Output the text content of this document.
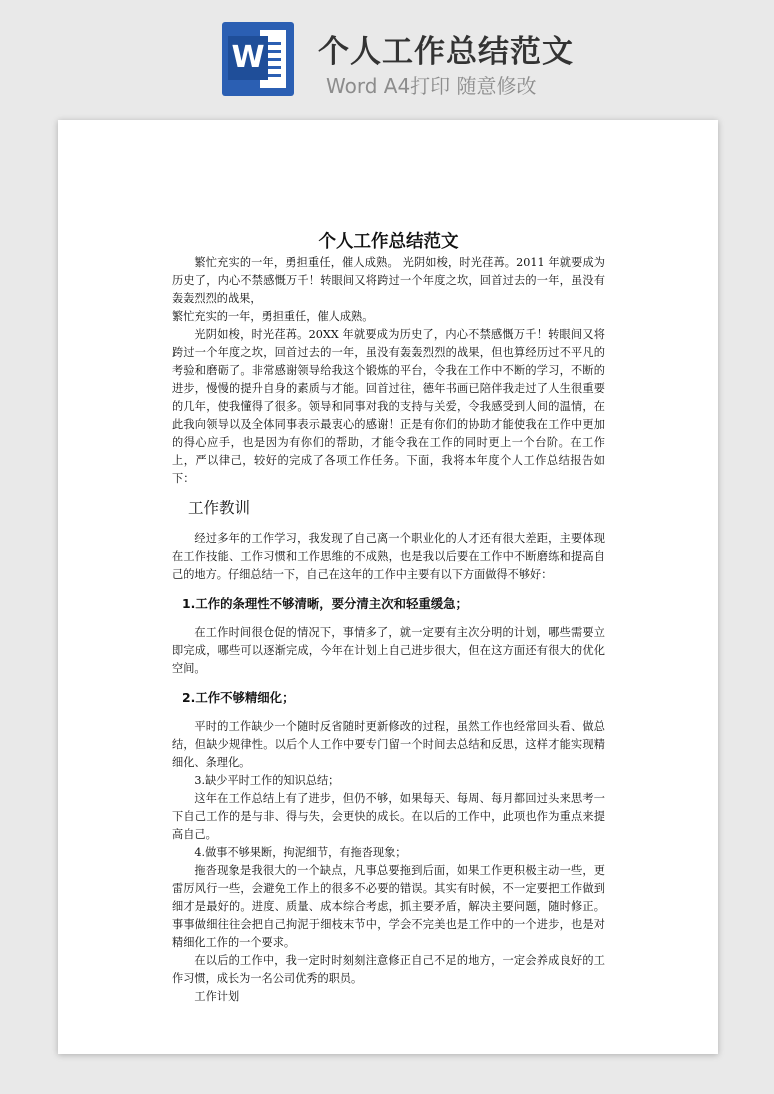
W 个人工作总结范文
Word A4打印 随意修改
个人工作总结范文

繁忙充实的一年，勇担重任，催人成熟。 光阴如梭，时光荏苒。2011 年就要成为历史了，内心不禁感慨万千！转眼间又将跨过一个年度之坎，回首过去的一年，虽没有轰轰烈烈的战果，

繁忙充实的一年，勇担重任，催人成熟。

光阴如梭，时光荏苒。20XX 年就要成为历史了，内心不禁感慨万千！转眼间又将跨过一个年度之坎，回首过去的一年，虽没有轰轰烈烈的战果，但也算经历过不平凡的考验和磨砺了。非常感谢领导给我这个锻炼的平台，令我在工作中不断的学习，不断的进步，慢慢的提升自身的素质与才能。回首过往，德年书画已陪伴我走过了人生很重要的几年，使我懂得了很多。领导和同事对我的支持与关爱，令我感受到人间的温情，在此我向领导以及全体同事表示最衷心的感谢！正是有你们的协助才能使我在工作中更加的得心应手，也是因为有你们的帮助，才能令我在工作的同时更上一个台阶。在工作上，严以律己，较好的完成了各项工作任务。下面，我将本年度个人工作总结报告如下：

工作教训

经过多年的工作学习，我发现了自己离一个职业化的人才还有很大差距，主要体现在工作技能、工作习惯和工作思维的不成熟，也是我以后要在工作中不断磨练和提高自己的地方。仔细总结一下，自己在这年的工作中主要有以下方面做得不够好：

1.工作的条理性不够清晰，要分清主次和轻重缓急；

在工作时间很仓促的情况下，事情多了，就一定要有主次分明的计划，哪些需要立即完成，哪些可以逐渐完成，今年在计划上自己进步很大，但在这方面还有很大的优化空间。

2.工作不够精细化；

平时的工作缺少一个随时反省随时更新修改的过程，虽然工作也经常回头看、做总结，但缺少规律性。以后个人工作中要专门留一个时间去总结和反思，这样才能实现精细化、条理化。

3.缺少平时工作的知识总结；

这年在工作总结上有了进步，但仍不够，如果每天、每周、每月都回过头来思考一下自己工作的是与非、得与失，会更快的成长。在以后的工作中，此项也作为重点来提高自己。

4.做事不够果断，拘泥细节，有拖沓现象；

拖沓现象是我很大的一个缺点，凡事总要拖到后面，如果工作更积极主动一些，更雷厉风行一些，会避免工作上的很多不必要的错误。其实有时候，不一定要把工作做到细才是最好的。进度、质量、成本综合考虑，抓主要矛盾，解决主要问题，随时修正。事事做细往往会把自己拘泥于细枝末节中，学会不完美也是工作中的一个进步，也是对精细化工作的一个要求。

在以后的工作中，我一定时时刻刻注意修正自己不足的地方，一定会养成良好的工作习惯，成长为一名公司优秀的职员。

工作计划
